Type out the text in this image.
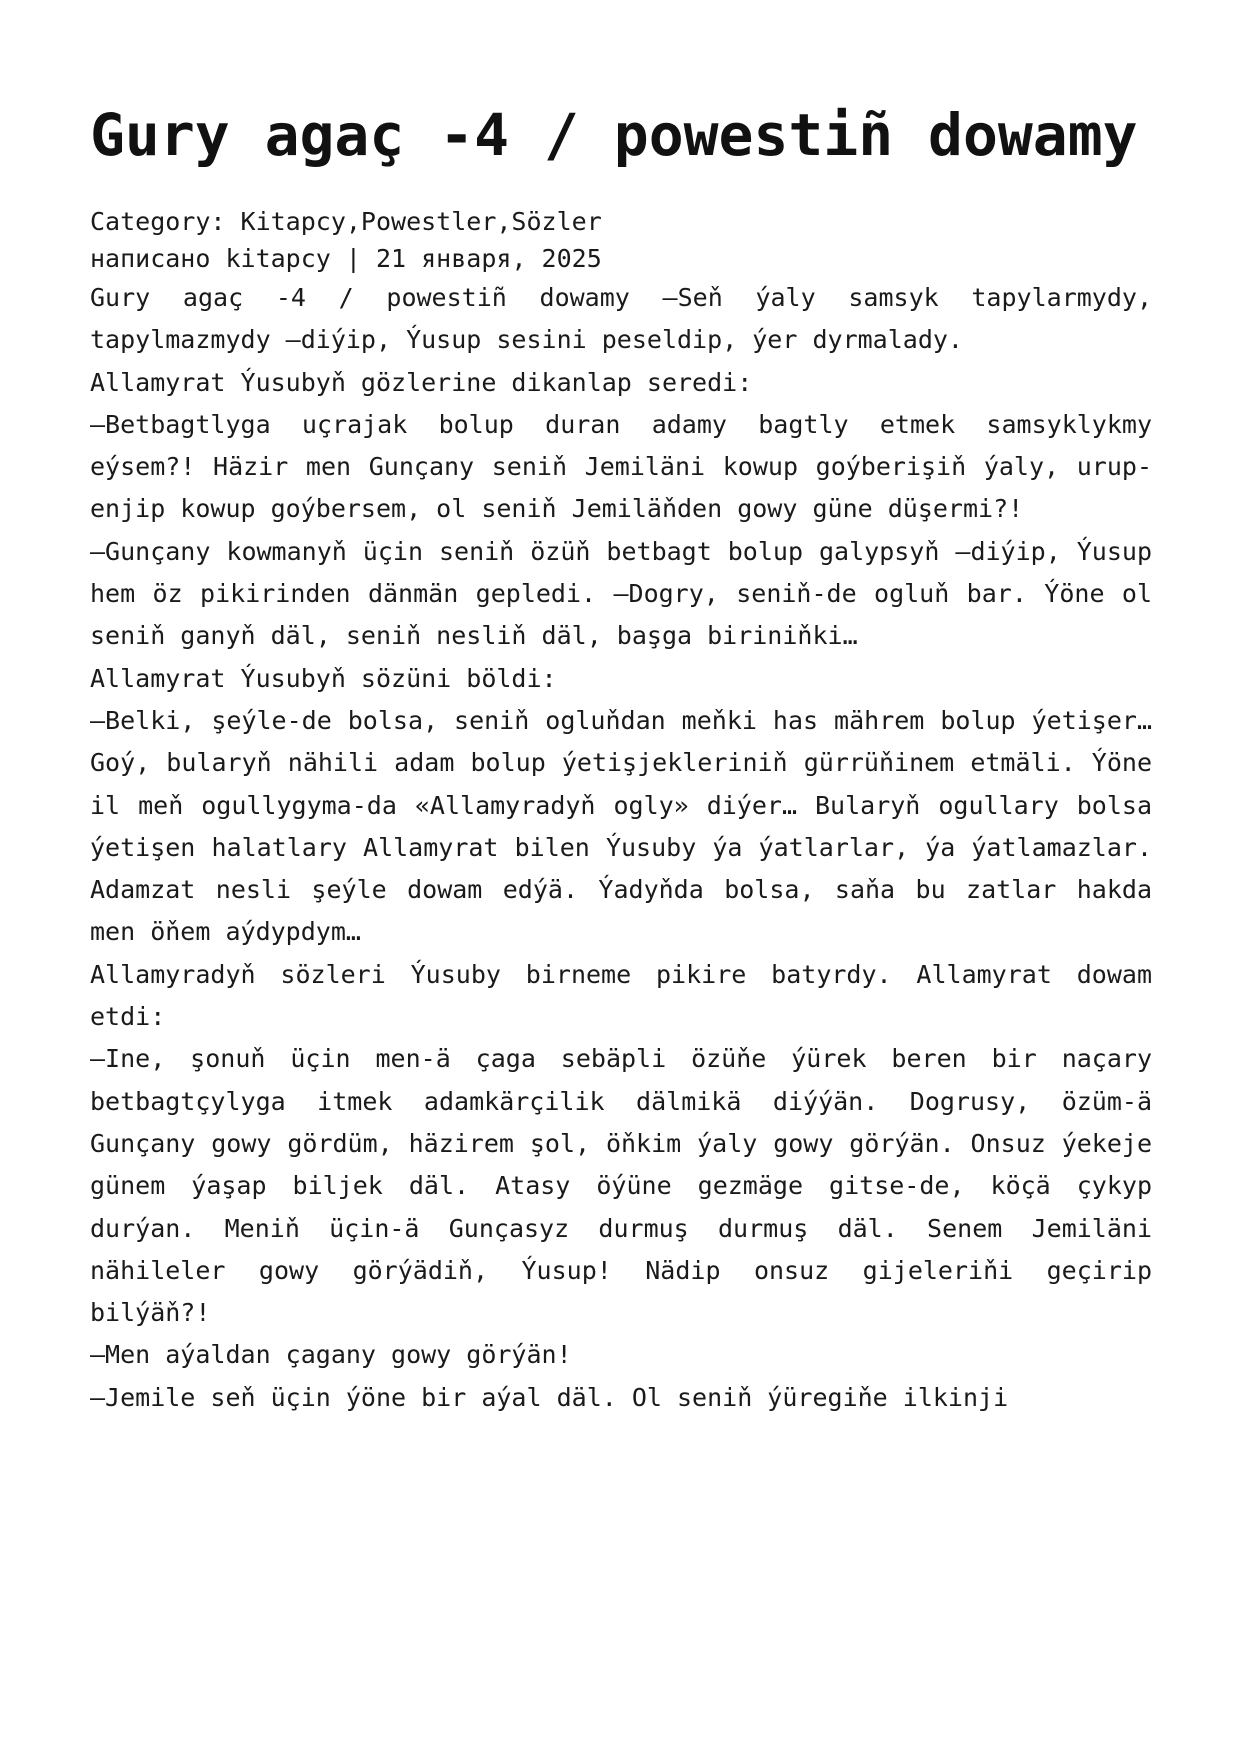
Gury agaç -4 / powestiñ dowamy
Category: Kitapcy,Powestler,Sözler
написано kitapcy | 21 января, 2025

Gury agaç -4 / powestiñ dowamy –Seň ýaly samsyk tapylarmydy, tapylmazmydy –diýip, Ýusup sesini peseldip, ýer dyrmalady.

Allamyrat Ýusubyň gözlerine dikanlap seredi:

–Betbagtlyga uçrajak bolup duran adamy bagtly etmek samsyklykmy eýsem?! Häzir men Gunçany seniň Jemiläni kowup goýberişiň ýaly, urup-enjip kowup goýbersem, ol seniň Jemiläňden gowy güne düşermi?!

–Gunçany kowmanyň üçin seniň özüň betbagt bolup galypsyň –diýip, Ýusup hem öz pikirinden dänmän gepledi. –Dogry, seniň-de ogluň bar. Ýöne ol seniň ganyň däl, seniň nesliň däl, başga biriniňki…

Allamyrat Ýusubyň sözüni böldi:

–Belki, şeýle-de bolsa, seniň ogluňdan meňki has mährem bolup ýetişer… Goý, bularyň nähili adam bolup ýetişjekleriniň gürrüňinem etmäli. Ýöne il meň ogullygyma-da «Allamyradyň ogly» diýer… Bularyň ogullary bolsa ýetişen halatlary Allamyrat bilen Ýusuby ýa ýatlarlar, ýa ýatlamazlar. Adamzat nesli şeýle dowam edýä. Ýadyňda bolsa, saňa bu zatlar hakda men öňem aýdypdym…

Allamyradyň sözleri Ýusuby birneme pikire batyrdy. Allamyrat dowam etdi:

–Ine, şonuň üçin men-ä çaga sebäpli özüňe ýürek beren bir naçary betbagtçylyga itmek adamkärçilik dälmikä diýýän. Dogrusy, özüm-ä Gunçany gowy gördüm, häzirem şol, öňkim ýaly gowy görýän. Onsuz ýekeje günem ýaşap biljek däl. Atasy öýüne gezmäge gitse-de, köçä çykyp durýan. Meniň üçin-ä Gunçasyz durmuş durmuş däl. Senem Jemiläni nähileler gowy görýädiň, Ýusup! Nädip onsuz gijeleriňi geçirip bilýäň?!

–Men aýaldan çagany gowy görýän!

–Jemile seň üçin ýöne bir aýal däl. Ol seniň ýüregiňe ilkinji
